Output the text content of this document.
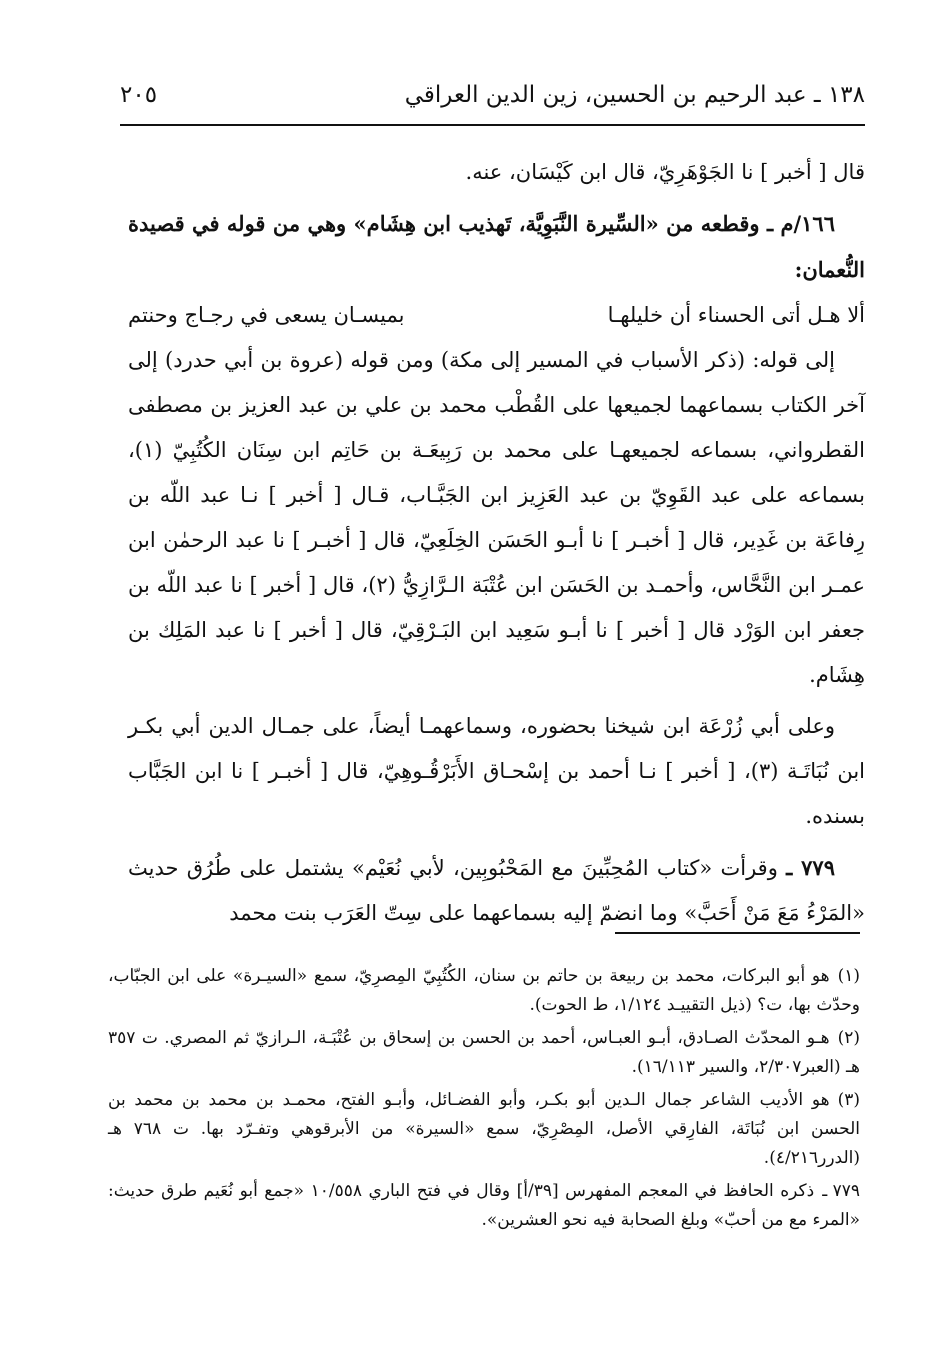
١٣٨ ـ عبد الرحيم بن الحسين، زين الدين العراقي
٢٠٥

قال [ أخبر ] نا الجَوْهَرِيّ، قال ابن كَيْسَان، عنه.

١٦٦/م ـ وقطعه من «السِّيرة النَّبَوِيَّة، تَهذيب ابن هِشَام» وهي من قوله في قصيدة النُّعمان:

ألا هـل أتى الحسناء أن خليلهـا
بميسـان يسعى في رجـاج وحنتم

إلى قوله: (ذكر الأسباب في المسير إلى مكة) ومن قوله (عروة بن أبي حدرد) إلى آخر الكتاب بسماعهما لجميعها على القُطْب محمد بن علي بن عبد العزيز بن مصطفى القطرواني، بسماعه لجميعهـا على محمد بن رَبِيعَـة بن حَاتِم ابن سِنَان الكُتُبِيّ (١)، بسماعه على عبد القَوِيّ بن عبد العَزِيز ابن الجَبَّـاب، قـال [ أخبر ] نـا عبد اللّه بن رِفاعَة بن غَدِير، قال [ أخبـر ] نا أبـو الحَسَن الخِلَعِيّ، قال [ أخبـر ] نا عبد الرحمٰن ابن عمـر ابن النَّحَّاس، وأحمـد بن الحَسَن ابن عُتْبَة الـرَّازِيُّ (٢)، قال [ أخبر ] نا عبد اللّه بن جعفر ابن الوَرْد قال [ أخبر ] نا أبـو سَعِيد ابن البَـرْقِيّ، قال [ أخبر ] نا عبد المَلِك بن هِشَام.

وعلى أبي زُرْعَة ابن شيخنا بحضوره، وسماعهمـا أيضاً، على جمـال الدين أبي بكـر ابن نُبَاتَـة (٣)، [ أخبر ] نـا أحمد بن إسْحـاق الأَبَرْقُـوهِيّ، قال [ أخبـر ] نا ابن الجَبَّاب بسنده.

٧٧٩ ـ وقرأت «كتاب المُحِبِّينَ مع المَحْبُوبِين، لأبي نُعَيْم» يشتمل على طُرُق حديث «المَرْءُ مَعَ مَنْ أَحَبَّ» وما انضمّ إليه بسماعهما على سِتّ العَرَب بنت محمد

(١)هو أبو البركات، محمد بن ربيعة بن حاتم بن سنان، الكُتُبِيّ المِصرِيّ، سمع «السيـرة» على ابن الجبّاب، وحدّث بها، ت؟ (ذيل التقييـد ١/١٢٤، ط الحوت).

(٢)هـو المحدّث الصـادق، أبـو العبـاس، أحمد بن الحسن بن إسحاق بن عُتْبَـة، الـرازيّ ثم المصري. ت ٣٥٧ هـ (العبر٢/٣٠٧، والسير ١٦/١١٣).

(٣)هو الأديب الشاعر جمال الـدين أبو بكـر، وأبو الفضـائل، وأبـو الفتح، محمـد بن محمد بن محمد بن الحسن ابن نُبَاتَة، الفارِقي الأصل، المِصْرِيّ، سمع «السيرة» من الأبرقوهي وتفـرّد بها. ت ٧٦٨ هـ (الدرر٤/٢١٦).

٧٧٩ ـذكره الحافظ في المعجم المفهرس [٣٩/أ] وقال في فتح الباري ١٠/٥٥٨ «جمع أبو نُعَيم طرق حديث: «المرء مع من أحبّ» وبلغ الصحابة فيه نحو العشرين».
